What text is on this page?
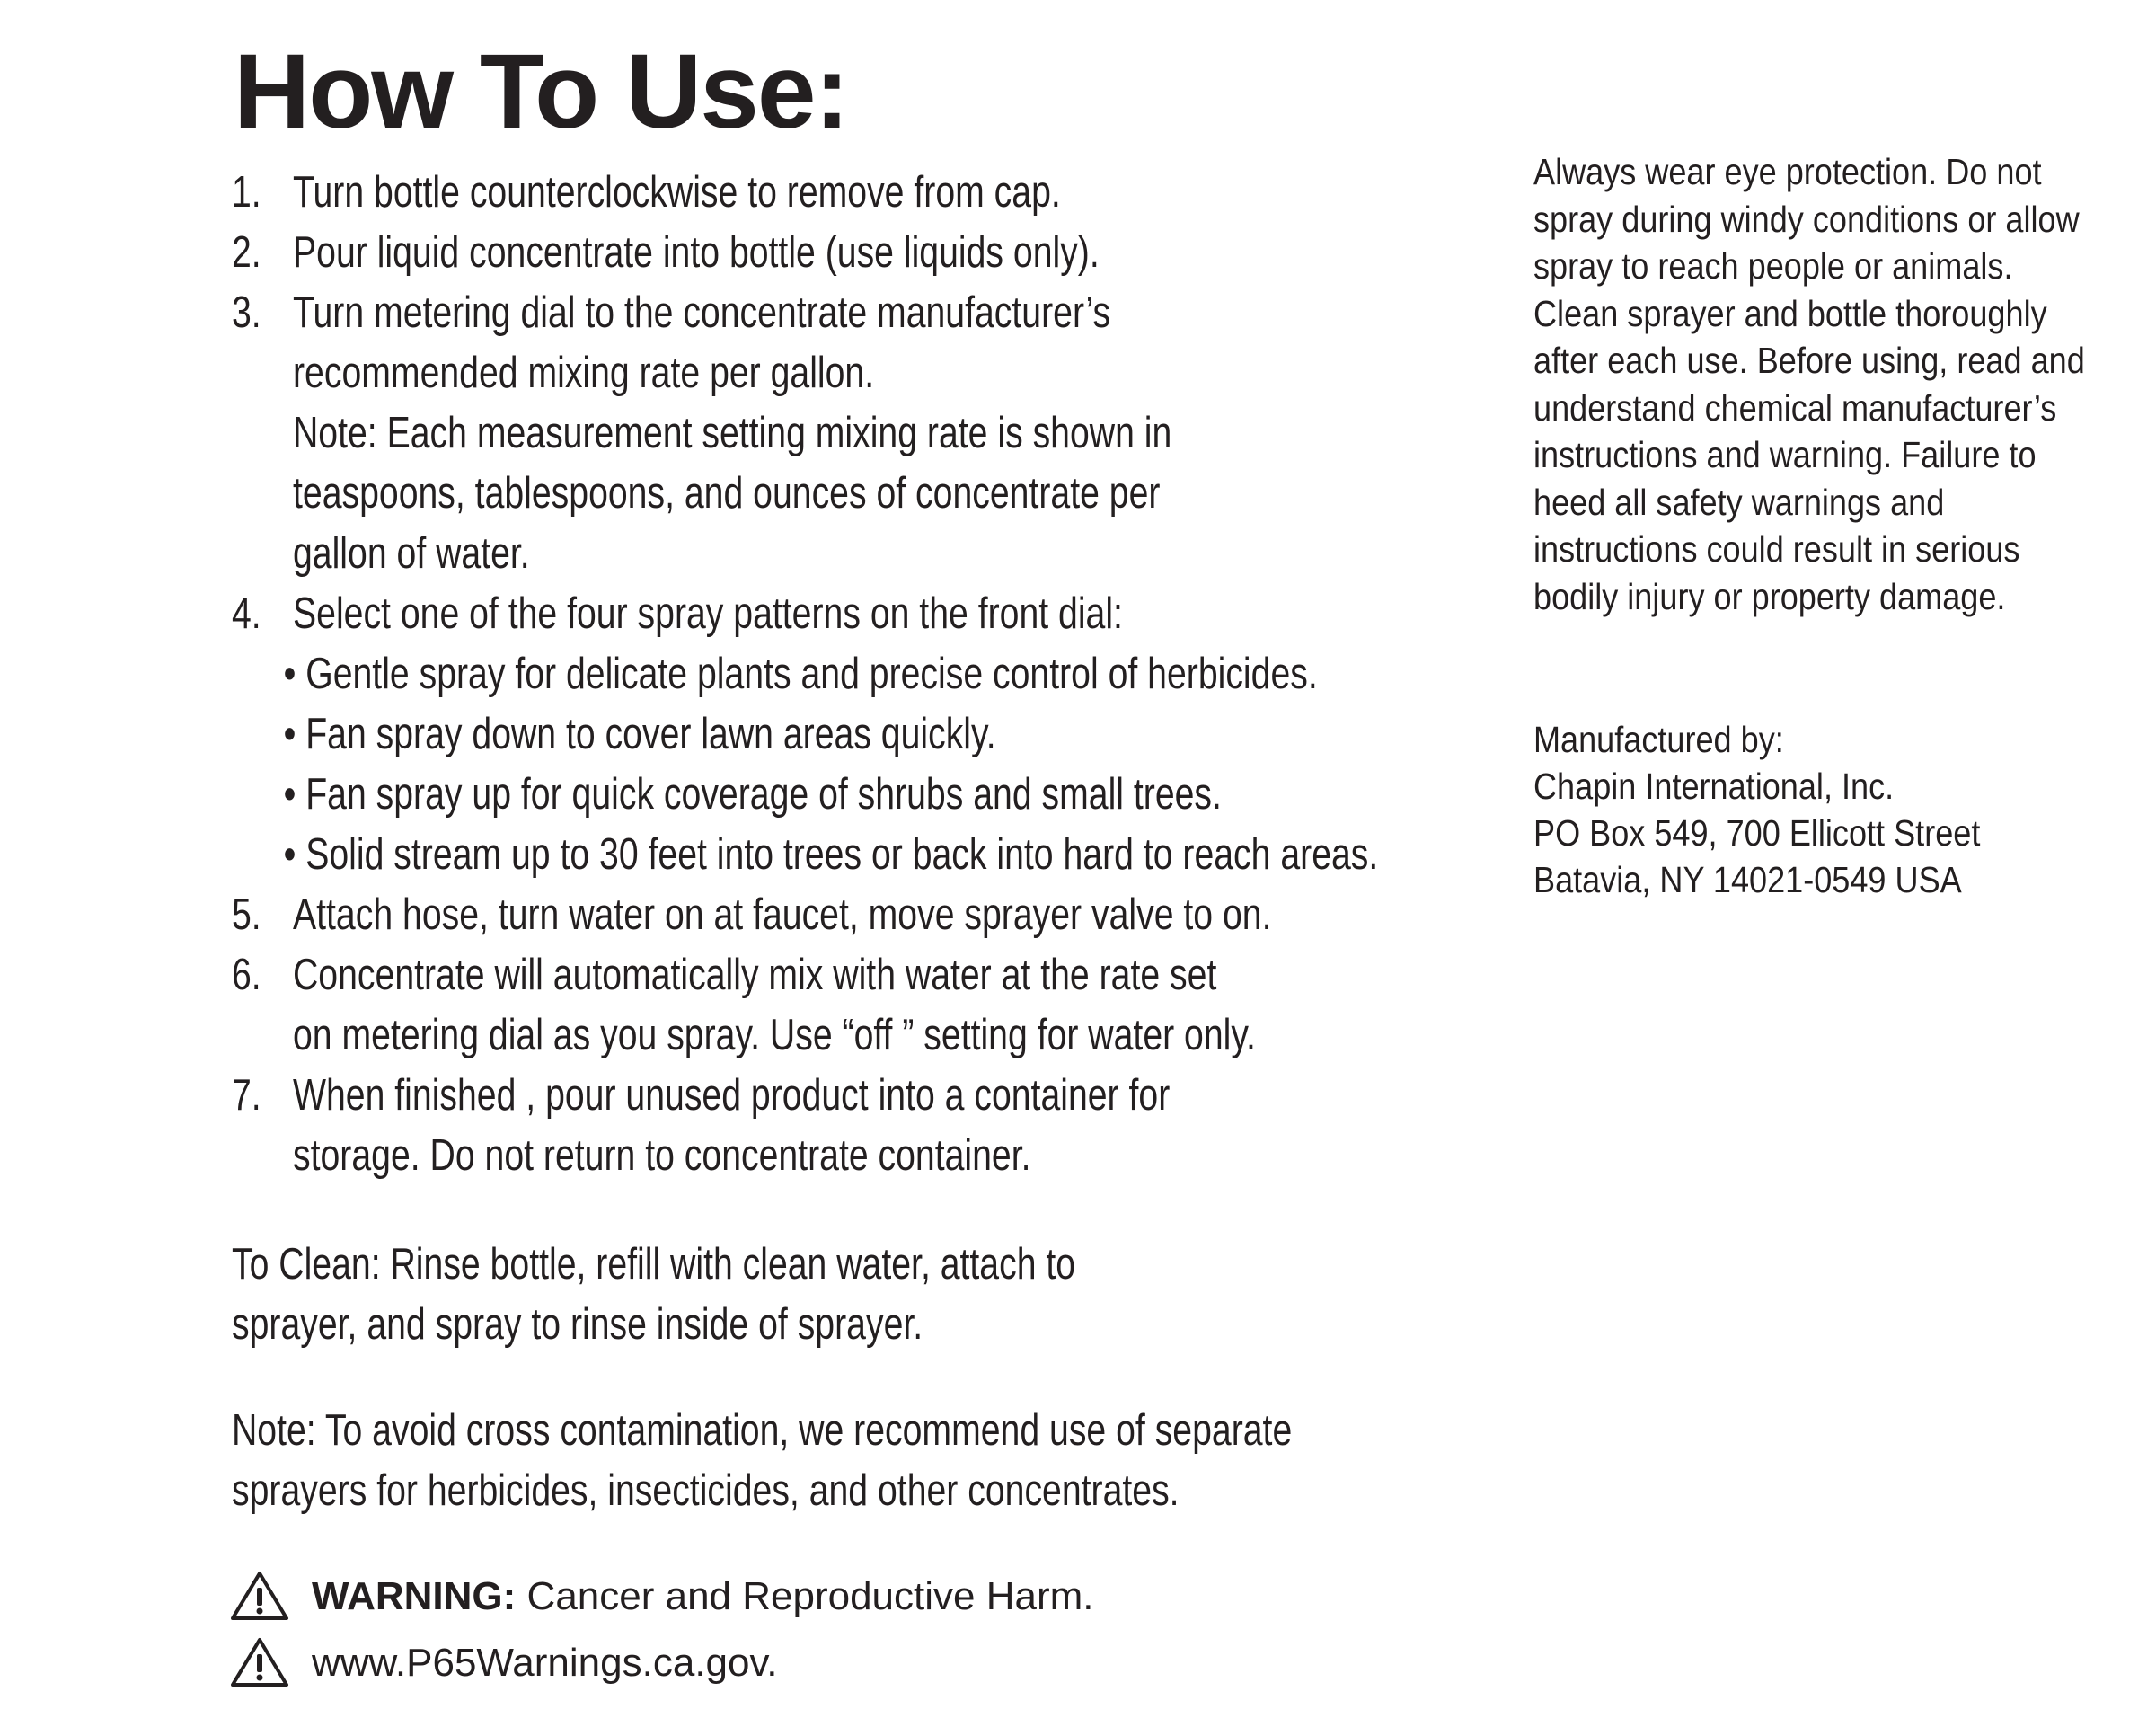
How To Use:
1. Turn bottle counterclockwise to remove from cap.
2. Pour liquid concentrate into bottle (use liquids only).
3. Turn metering dial to the concentrate manufacturer’s
recommended mixing rate per gallon.
Note: Each measurement setting mixing rate is shown in
teaspoons, tablespoons, and ounces of concentrate per
gallon of water.
4. Select one of the four spray patterns on the front dial:
• Gentle spray for delicate plants and precise control of herbicides.
• Fan spray down to cover lawn areas quickly.
• Fan spray up for quick coverage of shrubs and small trees.
• Solid stream up to 30 feet into trees or back into hard to reach areas.
5. Attach hose, turn water on at faucet, move sprayer valve to on.
6. Concentrate will automatically mix with water at the rate set
on metering dial as you spray. Use “off ” setting for water only.
7. When finished , pour unused product into a container for
storage. Do not return to concentrate container.
To Clean: Rinse bottle, refill with clean water, attach to
sprayer, and spray to rinse inside of sprayer.
Note: To avoid cross contamination, we recommend use of separate
sprayers for herbicides, insecticides, and other concentrates.
Always wear eye protection. Do not
spray during windy conditions or allow
spray to reach people or animals.
Clean sprayer and bottle thoroughly
after each use. Before using, read and
understand chemical manufacturer’s
instructions and warning. Failure to
heed all safety warnings and
instructions could result in serious
bodily injury or property damage.
Manufactured by:
Chapin International, Inc.
PO Box 549, 700 Ellicott Street
Batavia, NY 14021-0549 USA
WARNING: Cancer and Reproductive Harm.
www.P65Warnings.ca.gov.
